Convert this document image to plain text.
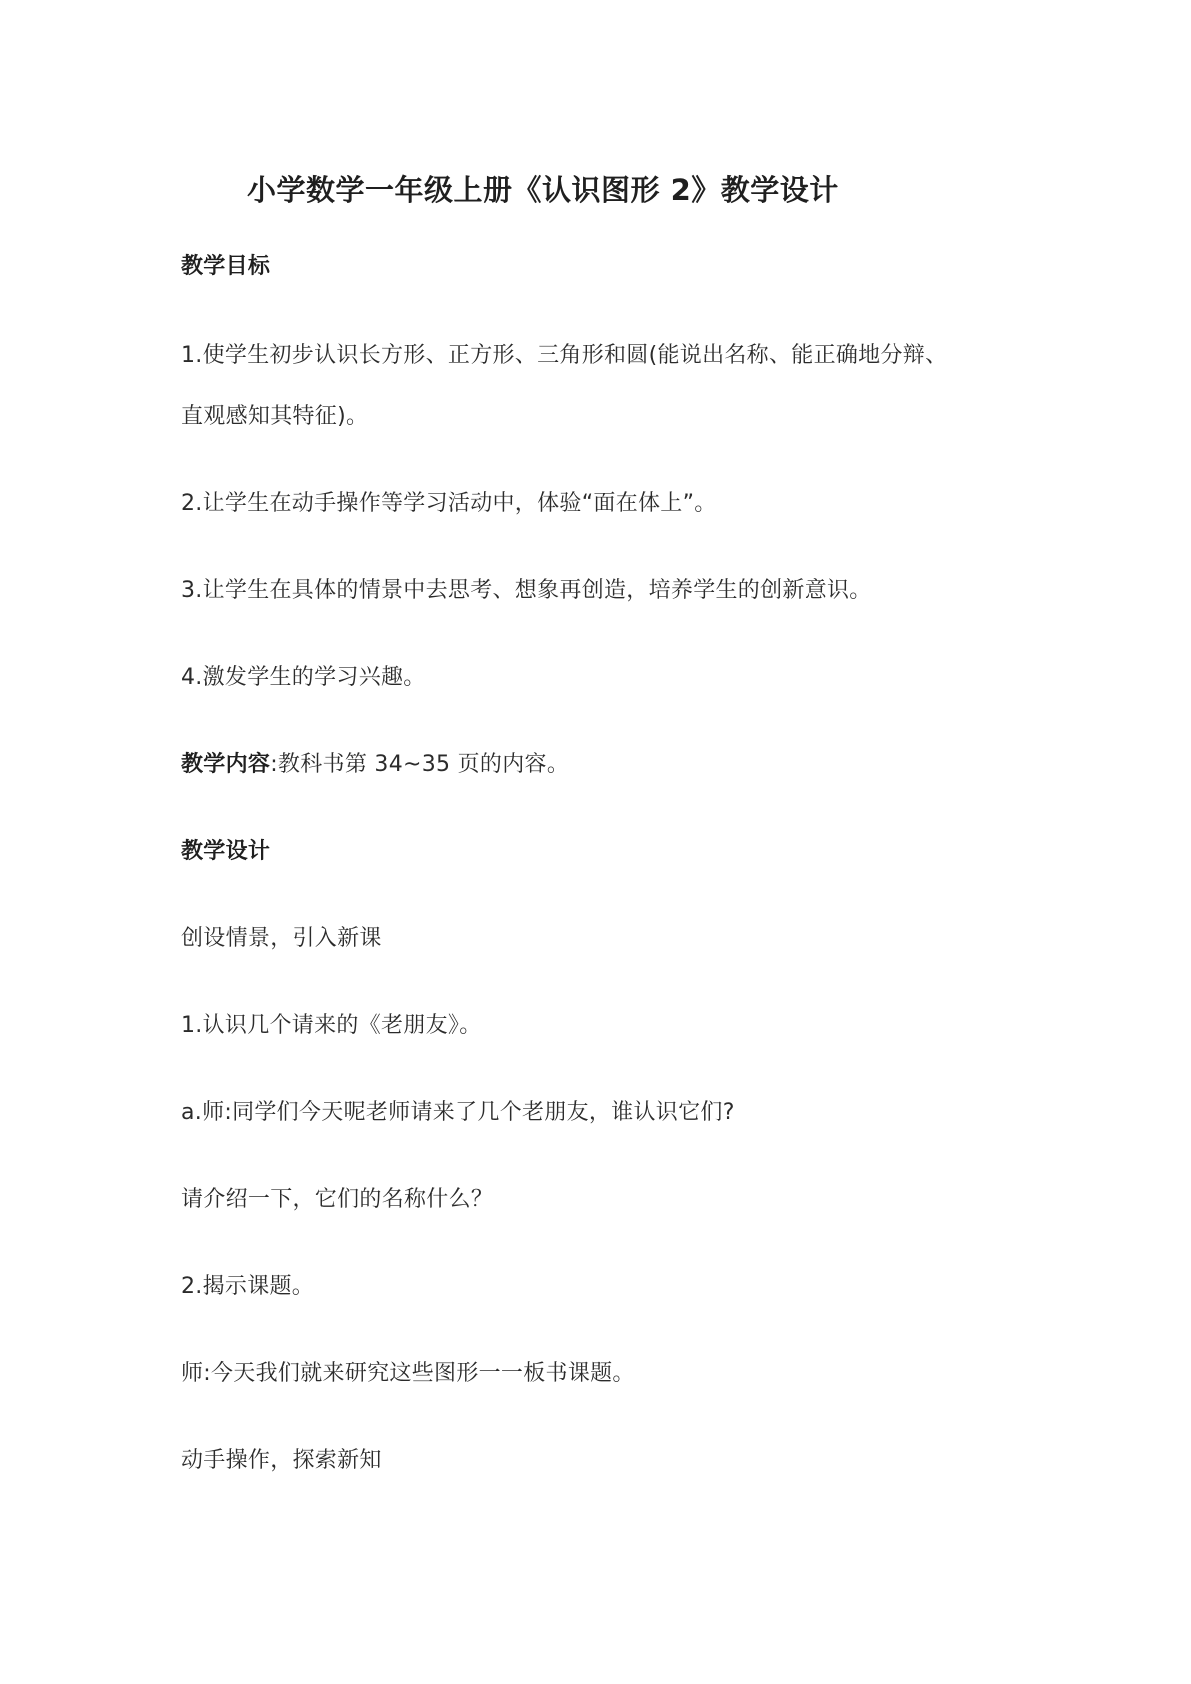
小学数学一年级上册《认识图形 2》教学设计
教学目标
1.使学生初步认识长方形、正方形、三角形和圆(能说出名称、能正确地分辩、
直观感知其特征)。
2.让学生在动手操作等学习活动中，体验“面在体上”。
3.让学生在具体的情景中去思考、想象再创造，培养学生的创新意识。
4.激发学生的学习兴趣。
教学内容:教科书第 34~35 页的内容。
教学设计
创设情景，引入新课
1.认识几个请来的《老朋友》。
a.师:同学们今天呢老师请来了几个老朋友，谁认识它们?
请介绍一下，它们的名称什么？
2.揭示课题。
师:今天我们就来研究这些图形一一板书课题。
动手操作，探索新知
